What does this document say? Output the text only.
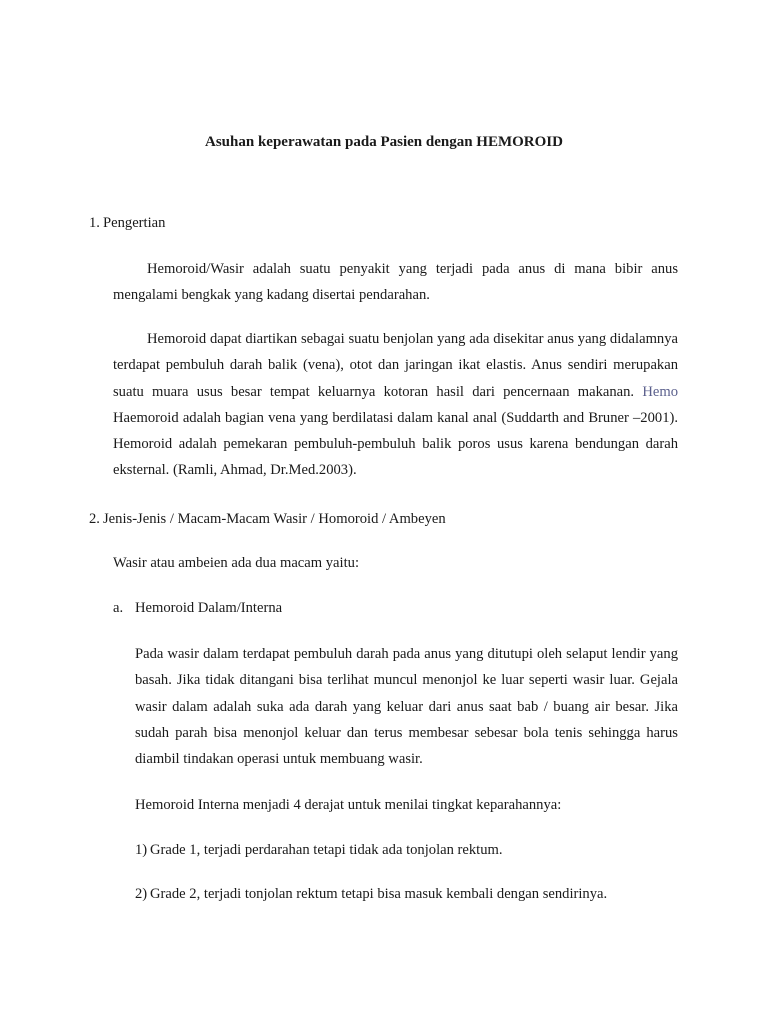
Asuhan keperawatan pada Pasien dengan HEMOROID
1. Pengertian
Hemoroid/Wasir adalah suatu penyakit yang terjadi pada anus di mana bibir anus mengalami bengkak yang kadang disertai pendarahan.
Hemoroid dapat diartikan sebagai suatu benjolan yang ada disekitar anus yang didalamnya terdapat pembuluh darah balik (vena), otot dan jaringan ikat elastis. Anus sendiri merupakan suatu muara usus besar tempat keluarnya kotoran hasil dari pencernaan makanan. Hemo Haemoroid adalah bagian vena yang berdilatasi dalam kanal anal (Suddarth and Bruner –2001). Hemoroid adalah pemekaran pembuluh-pembuluh balik poros usus karena bendungan darah eksternal. (Ramli, Ahmad, Dr.Med.2003).
2. Jenis-Jenis / Macam-Macam Wasir / Homoroid / Ambeyen
Wasir atau ambeien ada dua macam yaitu:
a. Hemoroid Dalam/Interna
Pada wasir dalam terdapat pembuluh darah pada anus yang ditutupi oleh selaput lendir yang basah. Jika tidak ditangani bisa terlihat muncul menonjol ke luar seperti wasir luar. Gejala wasir dalam adalah suka ada darah yang keluar dari anus saat bab / buang air besar. Jika sudah parah bisa menonjol keluar dan terus membesar sebesar bola tenis sehingga harus diambil tindakan operasi untuk membuang wasir.
Hemoroid Interna menjadi 4 derajat untuk menilai tingkat keparahannya:
1) Grade 1, terjadi perdarahan tetapi tidak ada tonjolan rektum.
2) Grade 2, terjadi tonjolan rektum tetapi bisa masuk kembali dengan sendirinya.
